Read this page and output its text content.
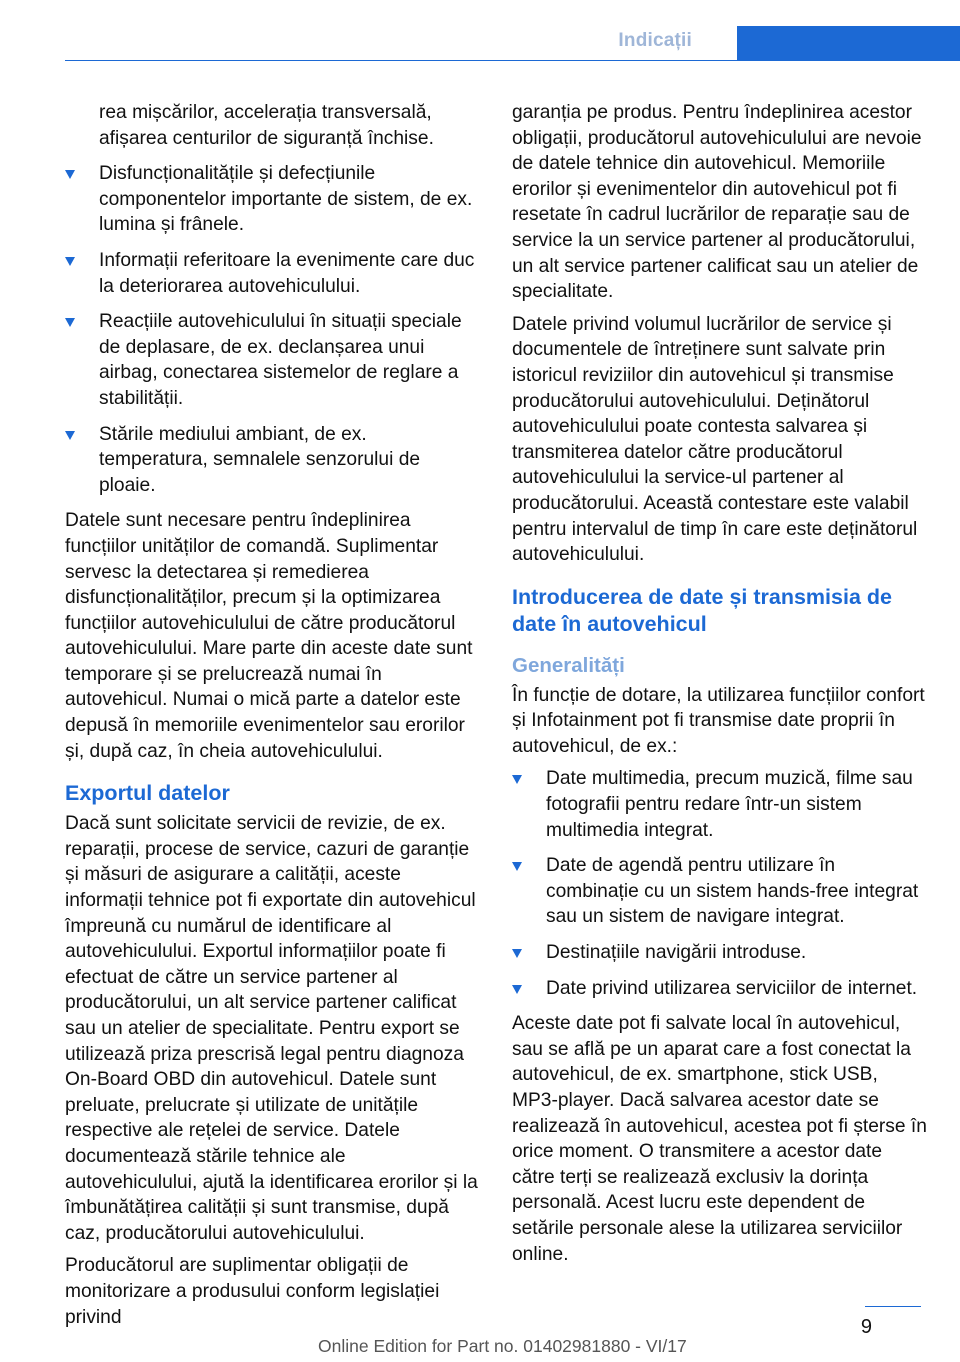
Indicații
rea mișcărilor, accelerația transversală, afișarea centurilor de siguranță închise.
Disfuncționalitățile și defecțiunile componentelor importante de sistem, de ex. lumina și frânele.
Informații referitoare la evenimente care duc la deteriorarea autovehiculului.
Reacțiile autovehiculului în situații speciale de deplasare, de ex. declanșarea unui airbag, conectarea sistemelor de reglare a stabilității.
Stările mediului ambiant, de ex. temperatura, semnalele senzorului de ploaie.

Datele sunt necesare pentru îndeplinirea funcțiilor unităților de comandă. Suplimentar servesc la detectarea și remedierea disfuncționalităților, precum și la optimizarea funcțiilor autovehiculului de către producătorul autovehiculului. Mare parte din aceste date sunt temporare și se prelucrează numai în autovehicul. Numai o mică parte a datelor este depusă în memoriile evenimentelor sau erorilor și, după caz, în cheia autovehiculului.

Exportul datelor

Dacă sunt solicitate servicii de revizie, de ex. reparații, procese de service, cazuri de garanție și măsuri de asigurare a calității, aceste informații tehnice pot fi exportate din autovehicul împreună cu numărul de identificare al autovehiculului. Exportul informațiilor poate fi efectuat de către un service partener al producătorului, un alt service partener calificat sau un atelier de specialitate. Pentru export se utilizează priza prescrisă legal pentru diagnoza On-Board OBD din autovehicul. Datele sunt preluate, prelucrate și utilizate de unitățile respective ale rețelei de service. Datele documentează stările tehnice ale autovehiculului, ajută la identificarea erorilor și la îmbunătățirea calității și sunt transmise, după caz, producătorului autovehiculului.

Producătorul are suplimentar obligații de monitorizare a produsului conform legislației privind

garanția pe produs. Pentru îndeplinirea acestor obligații, producătorul autovehiculului are nevoie de datele tehnice din autovehicul. Memoriile erorilor și evenimentelor din autovehicul pot fi resetate în cadrul lucrărilor de reparație sau de service la un service partener al producătorului, un alt service partener calificat sau un atelier de specialitate.

Datele privind volumul lucrărilor de service și documentele de întreținere sunt salvate prin istoricul reviziilor din autovehicul și transmise producătorului autovehiculului. Deținătorul autovehiculului poate contesta salvarea și transmiterea datelor către producătorul autovehiculului la service-ul partener al producătorului. Această contestare este valabil pentru intervalul de timp în care este deținătorul autovehiculului.

Introducerea de date și transmisia de date în autovehicul
Generalități

În funcție de dotare, la utilizarea funcțiilor confort și Infotainment pot fi transmise date proprii în autovehicul, de ex.:

Date multimedia, precum muzică, filme sau fotografii pentru redare într-un sistem multimedia integrat.
Date de agendă pentru utilizare în combinație cu un sistem hands-free integrat sau un sistem de navigare integrat.
Destinațiile navigării introduse.
Date privind utilizarea serviciilor de internet.

Aceste date pot fi salvate local în autovehicul, sau se află pe un aparat care a fost conectat la autovehicul, de ex. smartphone, stick USB, MP3-player. Dacă salvarea acestor date se realizează în autovehicul, acestea pot fi șterse în orice moment. O transmitere a acestor date către terți se realizează exclusiv la dorința personală. Acest lucru este dependent de setările personale alese la utilizarea serviciilor online.

9
Online Edition for Part no. 01402981880 - VI/17
